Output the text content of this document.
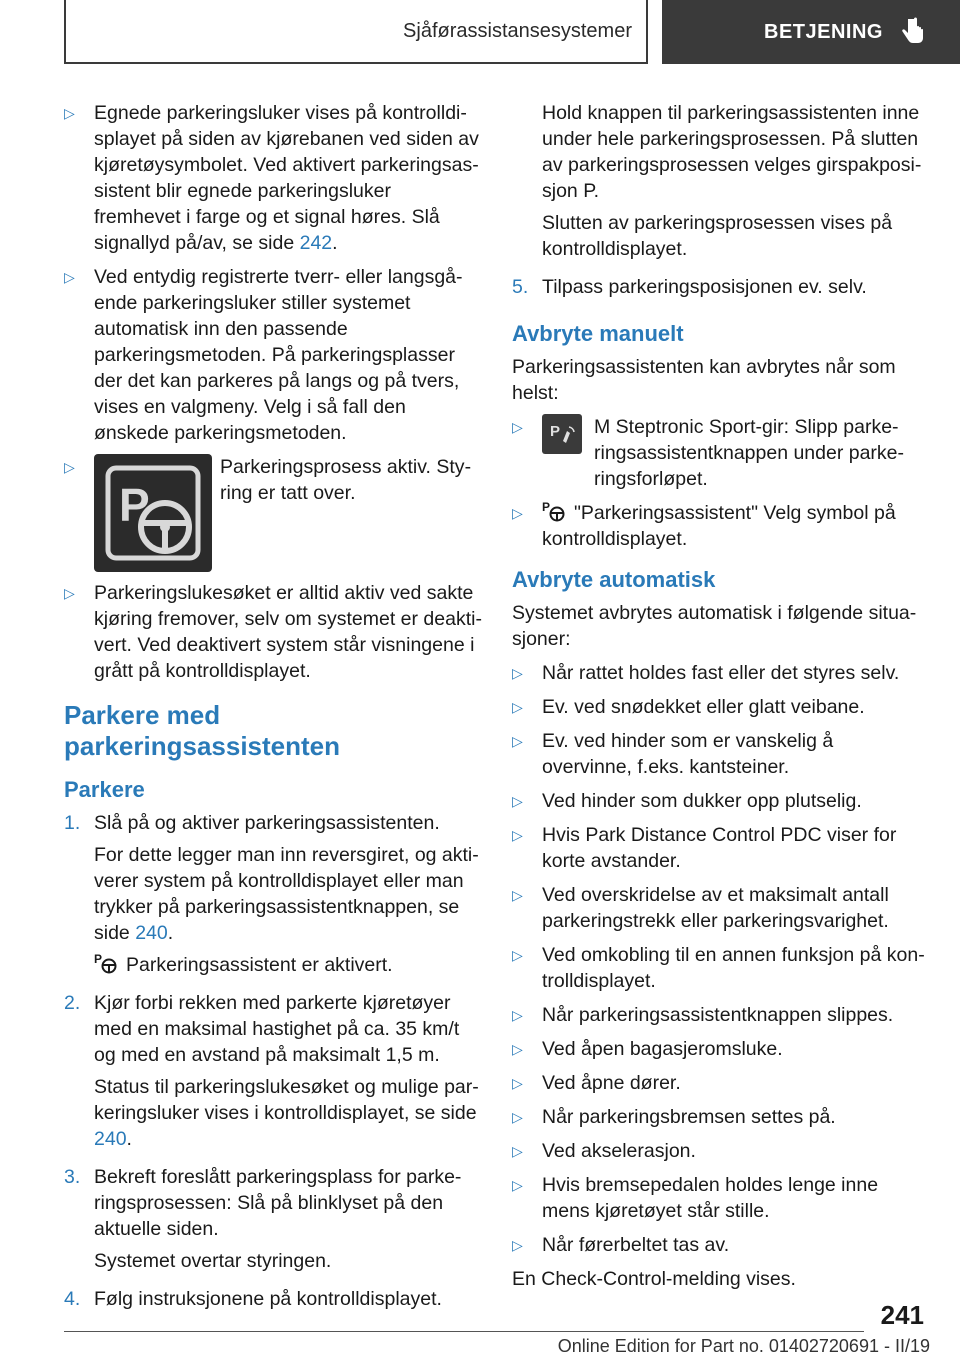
Sjåførassistansesystemer	BETJENING
▷ Egnede parkeringsluker vises på kontrolldisplayet på siden av kjørebanen ved siden av kjøretøysymbolet. Ved aktivert parkeringsassistent blir egnede parkeringsluker fremhevet i farge og et signal høres. Slå signallyd på/av, se side 242.
▷ Ved entydig registrerte tverr- eller langsgående parkeringsluker stiller systemet automatisk inn den passende parkeringsmetoden. På parkeringsplasser der det kan parkeres på langs og på tvers, vises en valgmeny. Velg i så fall den ønskede parkeringsmetoden.
▷
P
Parkeringsprosess aktiv. Styring er tatt over.
▷ Parkeringslukesøket er alltid aktiv ved sakte kjøring fremover, selv om systemet er deaktivert. Ved deaktivert system står visningene i grått på kontrolldisplayet.
Parkere med parkeringsassistenten
Parkere
1. Slå på og aktiver parkeringsassistenten.

For dette legger man inn reversgiret, og aktiverer system på kontrolldisplayet eller man trykker på parkeringsassistentknappen, se side 240.

P Parkeringsassistent er aktivert.

2. Kjør forbi rekken med parkerte kjøretøyer med en maksimal hastighet på ca. 35 km/t og med en avstand på maksimalt 1,5 m.

Status til parkeringslukesøket og mulige parkeringsluker vises i kontrolldisplayet, se side 240.

3. Bekreft foreslått parkeringsplass for parkeringsprosessen: Slå på blinklyset på den aktuelle siden.

Systemet overtar styringen.

4. Følg instruksjonene på kontrolldisplayet.

Hold knappen til parkeringsassistenten inne under hele parkeringsprosessen. På slutten av parkeringsprosessen velges girspakposisjon P.

Slutten av parkeringsprosessen vises på kontrolldisplayet.

5. Tilpass parkeringsposisjonen ev. selv.

Avbryte manuelt

Parkeringsassistenten kan avbrytes når som helst:

▷	P M Steptronic Sport-gir: Slipp parkeringsassistentknappen under parkeringsforløpet.
▷	P "Parkeringsassistent" Velg symbol på kontrolldisplayet.
Avbryte automatisk

Systemet avbrytes automatisk i følgende situasjoner:

▷ Når rattet holdes fast eller det styres selv.
▷ Ev. ved snødekket eller glatt veibane.
▷ Ev. ved hinder som er vanskelig å overvinne, f.eks. kantsteiner.
▷ Ved hinder som dukker opp plutselig.
▷ Hvis Park Distance Control PDC viser for korte avstander.
▷ Ved overskridelse av et maksimalt antall parkeringstrekk eller parkeringsvarighet.
▷ Ved omkobling til en annen funksjon på kontrolldisplayet.
▷ Når parkeringsassistentknappen slippes.
▷ Ved åpen bagasjeromsluke.
▷ Ved åpne dører.
▷ Når parkeringsbremsen settes på.
▷ Ved akselerasjon.
▷ Hvis bremsepedalen holdes lenge inne mens kjøretøyet står stille.
▷ Når førerbeltet tas av.

En Check-Control-melding vises.

241
Online Edition for Part no. 01402720691 - II/19
